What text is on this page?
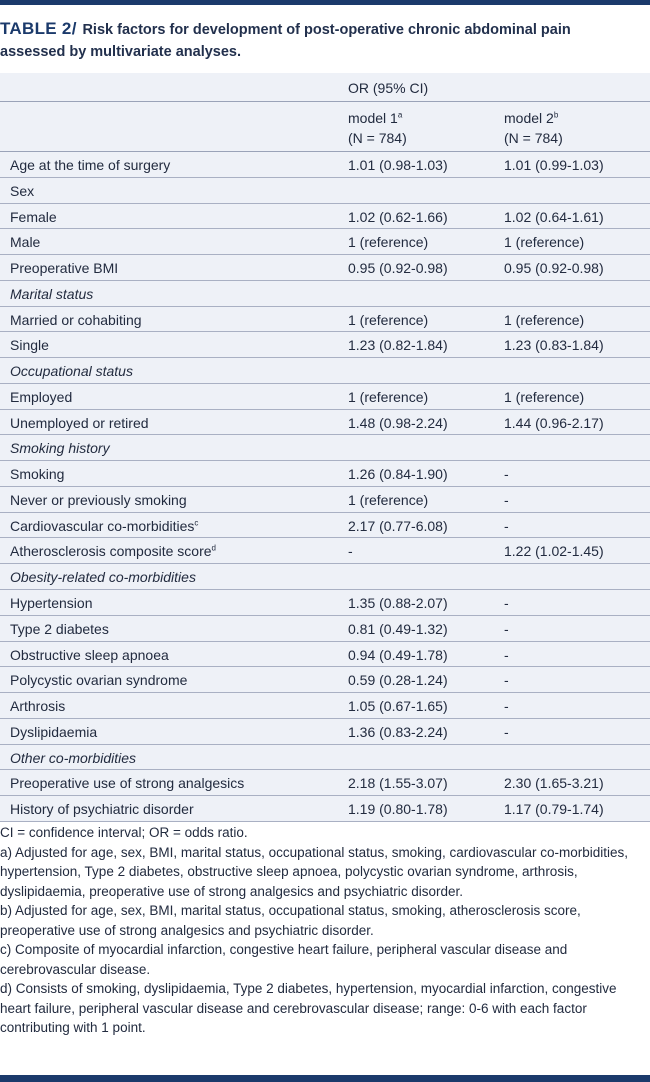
TABLE 2/ Risk factors for development of post-operative chronic abdominal pain assessed by multivariate analyses.
OR (95% CI)
model 1$^a$
(N = 784)
model 2$^b$
(N = 784)
Age at the time of surgery	1.01 (0.98-1.03)	1.01 (0.99-1.03)
Sex
Female	1.02 (0.62-1.66)	1.02 (0.64-1.61)
Male	1 (reference)	1 (reference)
Preoperative BMI	0.95 (0.92-0.98)	0.95 (0.92-0.98)
Marital status
Married or cohabiting	1 (reference)	1 (reference)
Single	1.23 (0.82-1.84)	1.23 (0.83-1.84)
Occupational status
Employed	1 (reference)	1 (reference)
Unemployed or retired	1.48 (0.98-2.24)	1.44 (0.96-2.17)
Smoking history
Smoking	1.26 (0.84-1.90)	-
Never or previously smoking	1 (reference)	-
Cardiovascular co-morbidities$^c$	2.17 (0.77-6.08)	-
Atherosclerosis composite score$^d$	-	1.22 (1.02-1.45)
Obesity-related co-morbidities
Hypertension	1.35 (0.88-2.07)	-
Type 2 diabetes	0.81 (0.49-1.32)	-
Obstructive sleep apnoea	0.94 (0.49-1.78)	-
Polycystic ovarian syndrome	0.59 (0.28-1.24)	-
Arthrosis	1.05 (0.67-1.65)	-
Dyslipidaemia	1.36 (0.83-2.24)	-
Other co-morbidities
Preoperative use of strong analgesics	2.18 (1.55-3.07)	2.30 (1.65-3.21)
History of psychiatric disorder	1.19 (0.80-1.78)	1.17 (0.79-1.74)

CI = confidence interval; OR = odds ratio.

a) Adjusted for age, sex, BMI, marital status, occupational status, smoking, cardiovascular co-morbidities, hypertension, Type 2 diabetes, obstructive sleep apnoea, polycystic ovarian syndrome, arthrosis, dyslipidaemia, preoperative use of strong analgesics and psychiatric disorder.

b) Adjusted for age, sex, BMI, marital status, occupational status, smoking, atherosclerosis score, preoperative use of strong analgesics and psychiatric disorder.

c) Composite of myocardial infarction, congestive heart failure, peripheral vascular disease and cerebrovascular disease.

d) Consists of smoking, dyslipidaemia, Type 2 diabetes, hypertension, myocardial infarction, congestive heart failure, peripheral vascular disease and cerebrovascular disease; range: 0-6 with each factor contributing with 1 point.
